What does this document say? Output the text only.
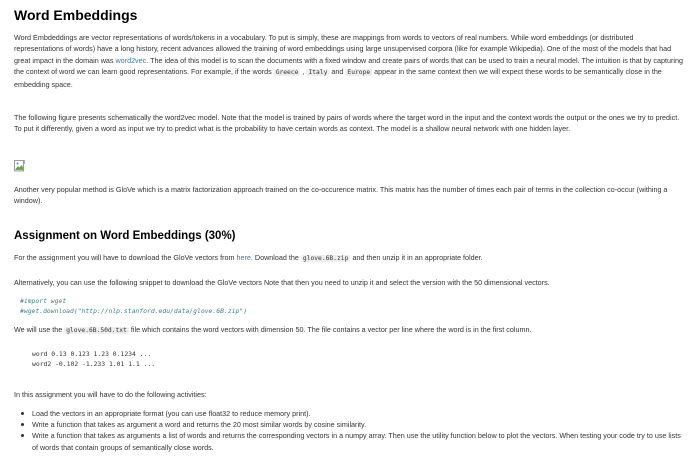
Word Embeddings

Word Embdeddings are vector representations of words/tokens in a vocabulary. To put is simply, these are mappings from words to vectors of real numbers. While word embeddings (or distributed representations of words) have a long history, recent advances allowed the training of word embeddings using large unsupervised corpora (like for example Wikipedia). One of the most of the models that had great impact in the domain was word2vec. The idea of this model is to scan the documents with a fixed window and create pairs of words that can be used to train a neural model. The intuition is that by capturing the context of word we can learn good representations. For example, if the words Greece , Italy and Europe appear in the same context then we will expect these words to be semantically close in the embedding space.

The following figure presents schematically the word2vec model. Note that the model is trained by pairs of words where the target word in the input and the context words the output or the ones we try to predict. To put it differently, given a word as input we try to predict what is the probability to have certain words as context. The model is a shallow neural network with one hidden layer.

Another very popular method is GloVe which is a matrix factorization approach trained on the co-occurence matrix. This matrix has the number of times each pair of terms in the collection co-occur (withing a window).

Assignment on Word Embeddings (30%)

For the assignment you will have to download the GloVe vectors from here. Download the glove.6B.zip and then unzip it in an appropriate folder.

Alternatively, you can use the following snippet to download the GloVe vectors Note that then you need to unzip it and select the version with the 50 dimensional vectors.

#import wget
#wget.download("http://nlp.stanford.edu/data/glove.6B.zip")

We will use the glove.6B.50d.txt file which contains the word vectors with dimension 50. The file contains a vector per line where the word is in the first column.

word 0.13 0.123 1.23 0.1234 ...
word2 -0.102 -1.233 1.01 1.1 ...

In this assignment you will have to do the following activities:

Load the vectors in an appropriate format (you can use float32 to reduce memory print).
Write a function that takes as argument a word and returns the 20 most similar words by cosine similarity.
Write a function that takes as arguments a list of words and returns the corresponding vectors in a numpy array. Then use the utility function below to plot the vectors. When testing your code try to use lists of words that contain groups of semantically close words.
